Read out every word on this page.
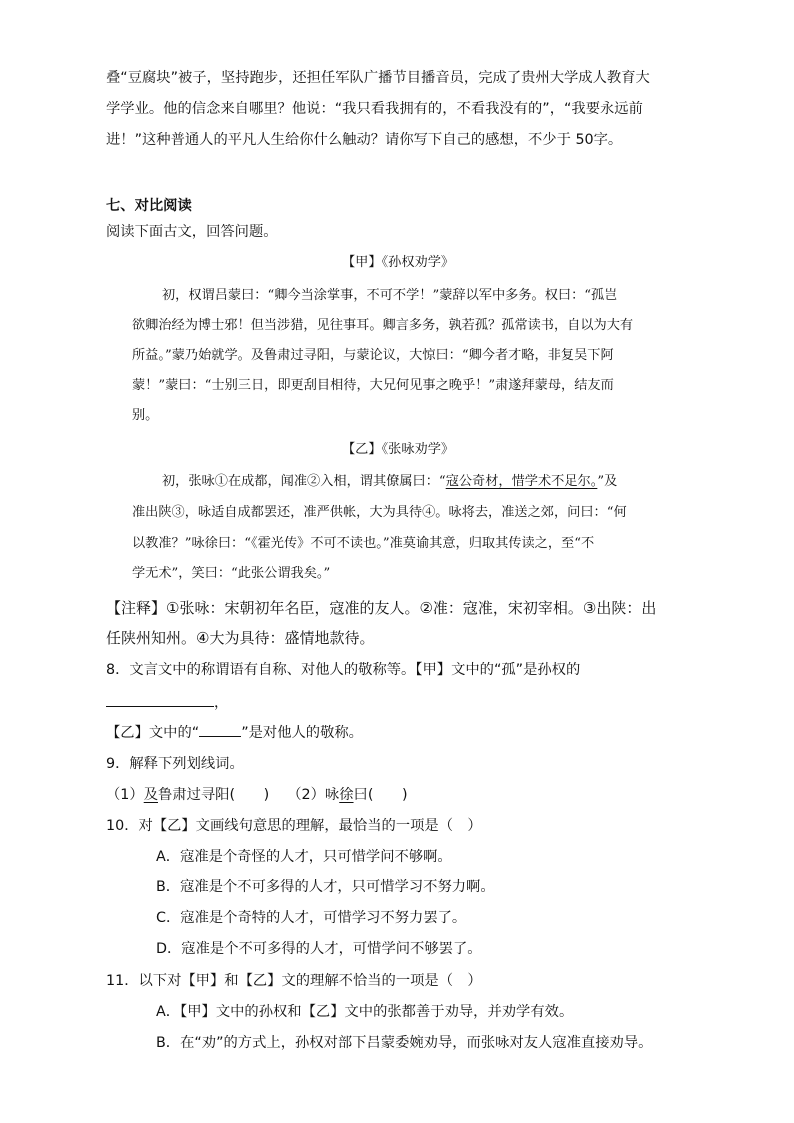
叠“豆腐块”被子，坚持跑步，还担任军队广播节目播音员，完成了贵州大学成人教育大
学学业。他的信念来自哪里？他说：“我只看我拥有的，不看我没有的”，“我要永远前
进！”这种普通人的平凡人生给你什么触动？请你写下自己的感想，不少于 50字。
七、对比阅读
阅读下面古文，回答问题。
【甲】《孙权劝学》
初，权谓吕蒙曰：“卿今当涂掌事，不可不学！”蒙辞以军中多务。权曰：“孤岂
欲卿治经为博士邪！但当涉猎，见往事耳。卿言多务，孰若孤？孤常读书，自以为大有
所益。”蒙乃始就学。及鲁肃过寻阳，与蒙论议，大惊曰：“卿今者才略，非复吴下阿
蒙！”蒙曰：“士别三日，即更刮目相待，大兄何见事之晚乎！”肃遂拜蒙母，结友而
别。
【乙】《张咏劝学》
初，张咏①在成都，闻准②入相，谓其僚属曰：“寇公奇材，惜学术不足尔。”及
准出陕③，咏适自成都罢还，准严供帐，大为具待④。咏将去，准送之郊，问曰：“何
以教准？”咏徐曰：“《霍光传》不可不读也。”准莫谕其意，归取其传读之，至“不
学无术”，笑曰：“此张公谓我矣。”
【注释】①张咏：宋朝初年名臣，寇准的友人。②准：寇准，宋初宰相。③出陕：出
任陕州知州。④大为具待：盛情地款待。
8．文言文中的称谓语有自称、对他人的敬称等。【甲】文中的“孤”是孙权的
，
【乙】文中的“	”是对他人的敬称。
9．解释下列划线词。
（1）及鲁肃过寻阳(　　) （2）咏徐曰(　　)
10．对【乙】文画线句意思的理解，最恰当的一项是（　）
A．寇准是个奇怪的人才，只可惜学问不够啊。
B．寇准是个不可多得的人才，只可惜学习不努力啊。
C．寇准是个奇特的人才，可惜学习不努力罢了。
D．寇准是个不可多得的人才，可惜学问不够罢了。
11．以下对【甲】和【乙】文的理解不恰当的一项是（　）
A．【甲】文中的孙权和【乙】文中的张都善于劝导，并劝学有效。
B．在“劝”的方式上，孙权对部下吕蒙委婉劝导，而张咏对友人寇准直接劝导。
